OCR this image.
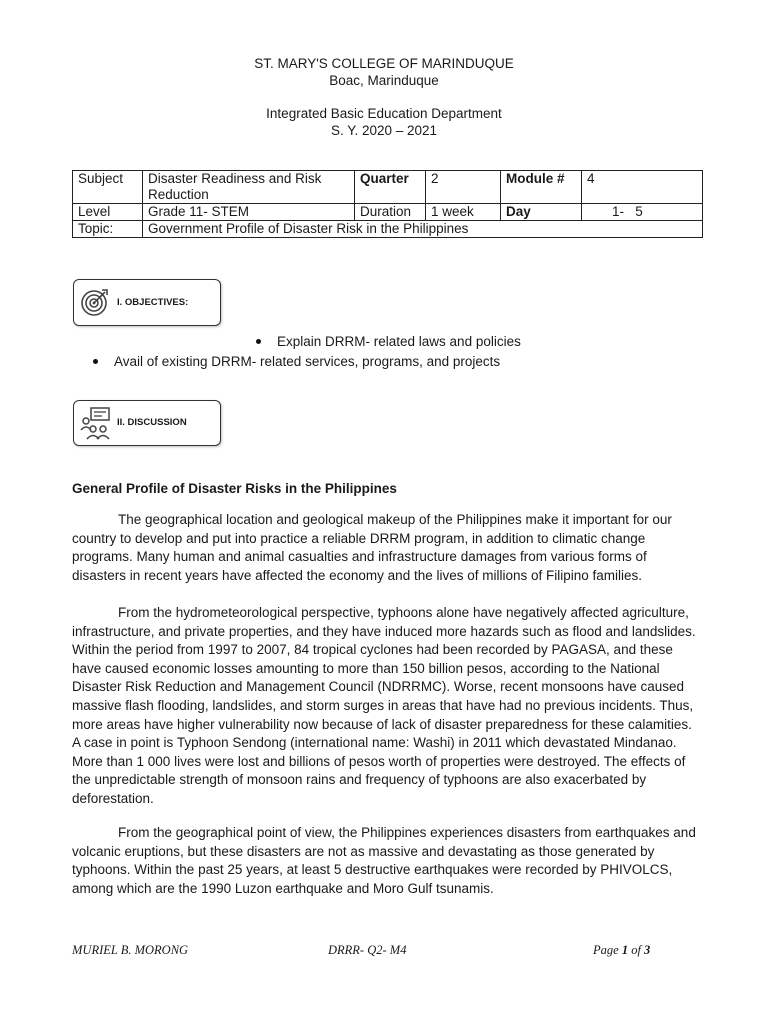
ST. MARY'S COLLEGE OF MARINDUQUE
Boac, Marinduque
Integrated Basic Education Department
S. Y. 2020 – 2021
Subject	Disaster Readiness and Risk Reduction	Quarter	2	Module #	4
Level	Grade 11- STEM	Duration	1 week	Day	1-   5
Topic:	Government Profile of Disaster Risk in the Philippines				
I. OBJECTIVES:
Explain DRRM- related laws and policies
Avail of existing DRRM- related services, programs, and projects
II. DISCUSSION
General Profile of Disaster Risks in the Philippines
The geographical location and geological makeup of the Philippines make it important for our country to develop and put into practice a reliable DRRM program, in addition to climatic change programs. Many human and animal casualties and infrastructure damages from various forms of disasters in recent years have affected the economy and the lives of millions of Filipino families.
From the hydrometeorological perspective, typhoons alone have negatively affected agriculture, infrastructure, and private properties, and they have induced more hazards such as flood and landslides. Within the period from 1997 to 2007, 84 tropical cyclones had been recorded by PAGASA, and these have caused economic losses amounting to more than 150 billion pesos, according to the National Disaster Risk Reduction and Management Council (NDRRMC). Worse, recent monsoons have caused massive flash flooding, landslides, and storm surges in areas that have had no previous incidents. Thus, more areas have higher vulnerability now because of lack of disaster preparedness for these calamities. A case in point is Typhoon Sendong (international name: Washi) in 2011 which devastated Mindanao. More than 1 000 lives were lost and billions of pesos worth of properties were destroyed. The effects of the unpredictable strength of monsoon rains and frequency of typhoons are also exacerbated by deforestation.
From the geographical point of view, the Philippines experiences disasters from earthquakes and volcanic eruptions, but these disasters are not as massive and devastating as those generated by typhoons. Within the past 25 years, at least 5 destructive earthquakes were recorded by PHIVOLCS, among which are the 1990 Luzon earthquake and Moro Gulf tsunamis.
MURIEL B. MORONG	DRRR- Q2- M4	Page 1 of 3
